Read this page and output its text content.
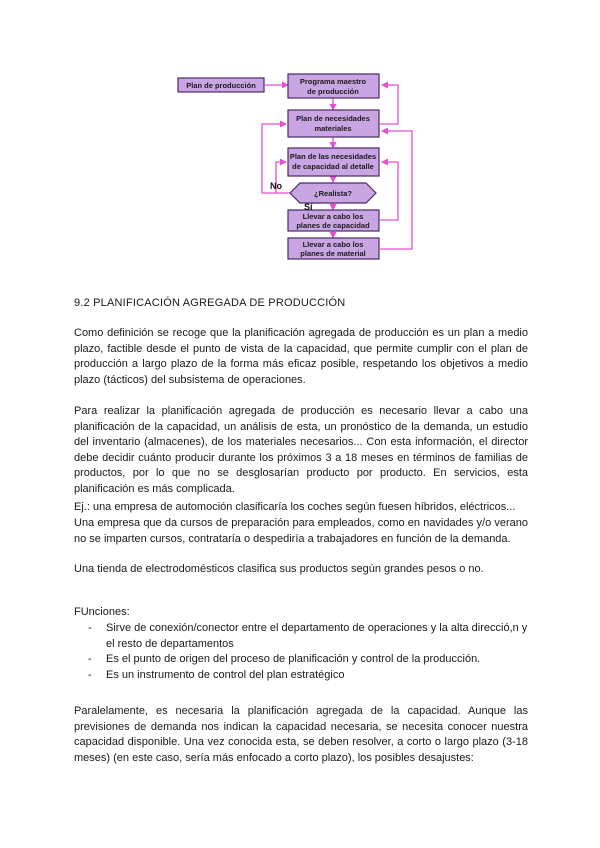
Plan de producción	Programa maestro
de producción
Plan de necesidades
materiales
Plan de las necesidades
de capacidad al detalle
¿Realista?
Llevar a cabo los
planes de capacidad
Llevar a cabo los
planes de material
No
Sí

9.2 PLANIFICACIÓN AGREGADA DE PRODUCCIÓN

Como definición se recoge que la planificación agregada de producción es un plan a medio plazo, factible desde el punto de vista de la capacidad, que permite cumplir con el plan de producción a largo plazo de la forma más eficaz posible, respetando los objetivos a medio plazo (tácticos) del subsistema de operaciones.

Para realizar la planificación agregada de producción es necesario llevar a cabo una planificación de la capacidad, un análisis de esta, un pronóstico de la demanda, un estudio del inventario (almacenes), de los materiales necesarios... Con esta información, el director debe decidir cuánto producir durante los próximos 3 a 18 meses en términos de familias de productos, por lo que no se desglosarían producto por producto. En servicios, esta planificación es más complicada.

Ej.: una empresa de automoción clasificaría los coches según fuesen híbridos, eléctricos...

Una empresa que da cursos de preparación para empleados, como en navidades y/o verano no se imparten cursos, contrataría o despediría a trabajadores en función de la demanda.

Una tienda de electrodomésticos clasifica sus productos según grandes pesos o no.

FUnciones:

- Sirve de conexión/conector entre el departamento de operaciones y la alta direcció,n y el resto de departamentos
- Es el punto de origen del proceso de planificación y control de la producción.
- Es un instrumento de control del plan estratégico

Paralelamente, es necesaria la planificación agregada de la capacidad. Aunque las previsiones de demanda nos indican la capacidad necesaria, se necesita conocer nuestra capacidad disponible. Una vez conocida esta, se deben resolver, a corto o largo plazo (3-18 meses) (en este caso, sería más enfocado a corto plazo), los posibles desajustes:
